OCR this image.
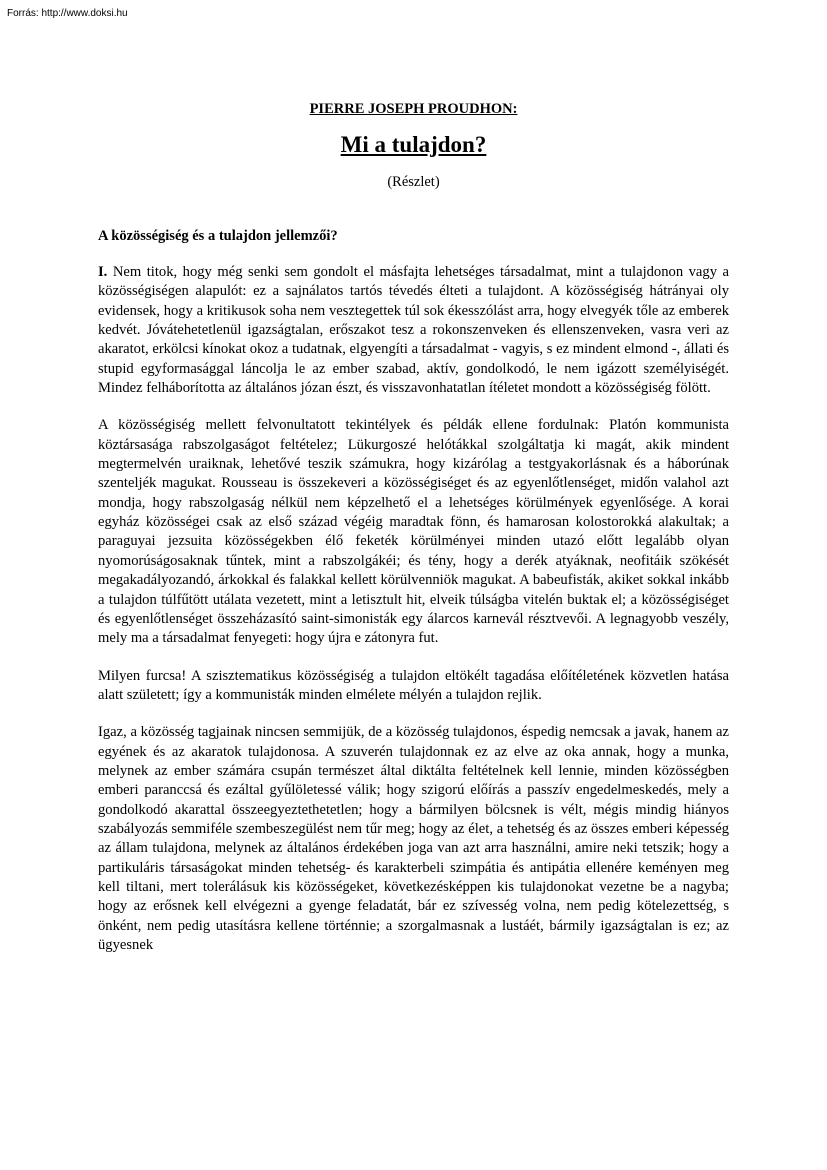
Forrás: http://www.doksi.hu

PIERRE JOSEPH PROUDHON:

Mi a tulajdon?

(Részlet)

A közösségiség és a tulajdon jellemzői?

I. Nem titok, hogy még senki sem gondolt el másfajta lehetséges társadalmat, mint a tulajdonon vagy a közösségiségen alapulót: ez a sajnálatos tartós tévedés élteti a tulajdont. A közösségiség hátrányai oly evidensek, hogy a kritikusok soha nem vesztegettek túl sok ékesszólást arra, hogy elvegyék tőle az emberek kedvét. Jóvátehetetlenül igazságtalan, erőszakot tesz a rokonszenveken és ellenszenveken, vasra veri az akaratot, erkölcsi kínokat okoz a tudatnak, elgyengíti a társadalmat - vagyis, s ez mindent elmond -, állati és stupid egyformasággal láncolja le az ember szabad, aktív, gondolkodó, le nem igázott személyiségét. Mindez felháborította az általános józan észt, és visszavonhatatlan ítéletet mondott a közösségiség fölött.

A közösségiség mellett felvonultatott tekintélyek és példák ellene fordulnak: Platón kommunista köztársasága rabszolgaságot feltételez; Lükurgoszé helótákkal szolgáltatja ki magát, akik mindent megtermelvén uraiknak, lehetővé teszik számukra, hogy kizárólag a testgyakorlásnak és a háborúnak szenteljék magukat. Rousseau is összekeveri a közösségiséget és az egyenlőtlenséget, midőn valahol azt mondja, hogy rabszolgaság nélkül nem képzelhető el a lehetséges körülmények egyenlősége. A korai egyház közösségei csak az első század végéig maradtak fönn, és hamarosan kolostorokká alakultak; a paraguyai jezsuita közösségekben élő feketék körülményei minden utazó előtt legalább olyan nyomorúságosaknak tűntek, mint a rabszolgákéi; és tény, hogy a derék atyáknak, neofitáik szökését megakadályozandó, árkokkal és falakkal kellett körülvenniök magukat. A babeufisták, akiket sokkal inkább a tulajdon túlfűtött utálata vezetett, mint a letisztult hit, elveik túlságba vitelén buktak el; a közösségiséget és egyenlőtlenséget összeházasító saint-simonisták egy álarcos karnevál résztvevői. A legnagyobb veszély, mely ma a társadalmat fenyegeti: hogy újra e zátonyra fut.

Milyen furcsa! A szisztematikus közösségiség a tulajdon eltökélt tagadása előítéletének közvetlen hatása alatt született; így a kommunisták minden elmélete mélyén a tulajdon rejlik.

Igaz, a közösség tagjainak nincsen semmijük, de a közösség tulajdonos, éspedig nemcsak a javak, hanem az egyének és az akaratok tulajdonosa. A szuverén tulajdonnak ez az elve az oka annak, hogy a munka, melynek az ember számára csupán természet által diktálta feltételnek kell lennie, minden közösségben emberi paranccsá és ezáltal gyűlöletessé válik; hogy szigorú előírás a passzív engedelmeskedés, mely a gondolkodó akarattal összeegyeztethetetlen; hogy a bármilyen bölcsnek is vélt, mégis mindig hiányos szabályozás semmiféle szembeszegülést nem tűr meg; hogy az élet, a tehetség és az összes emberi képesség az állam tulajdona, melynek az általános érdekében joga van azt arra használni, amire neki tetszik; hogy a partikuláris társaságokat minden tehetség- és karakterbeli szimpátia és antipátia ellenére keményen meg kell tiltani, mert tolerálásuk kis közösségeket, következésképpen kis tulajdonokat vezetne be a nagyba; hogy az erősnek kell elvégezni a gyenge feladatát, bár ez szívesség volna, nem pedig kötelezettség, s önként, nem pedig utasításra kellene történnie; a szorgalmasnak a lustáét, bármily igazságtalan is ez; az ügyesnek
